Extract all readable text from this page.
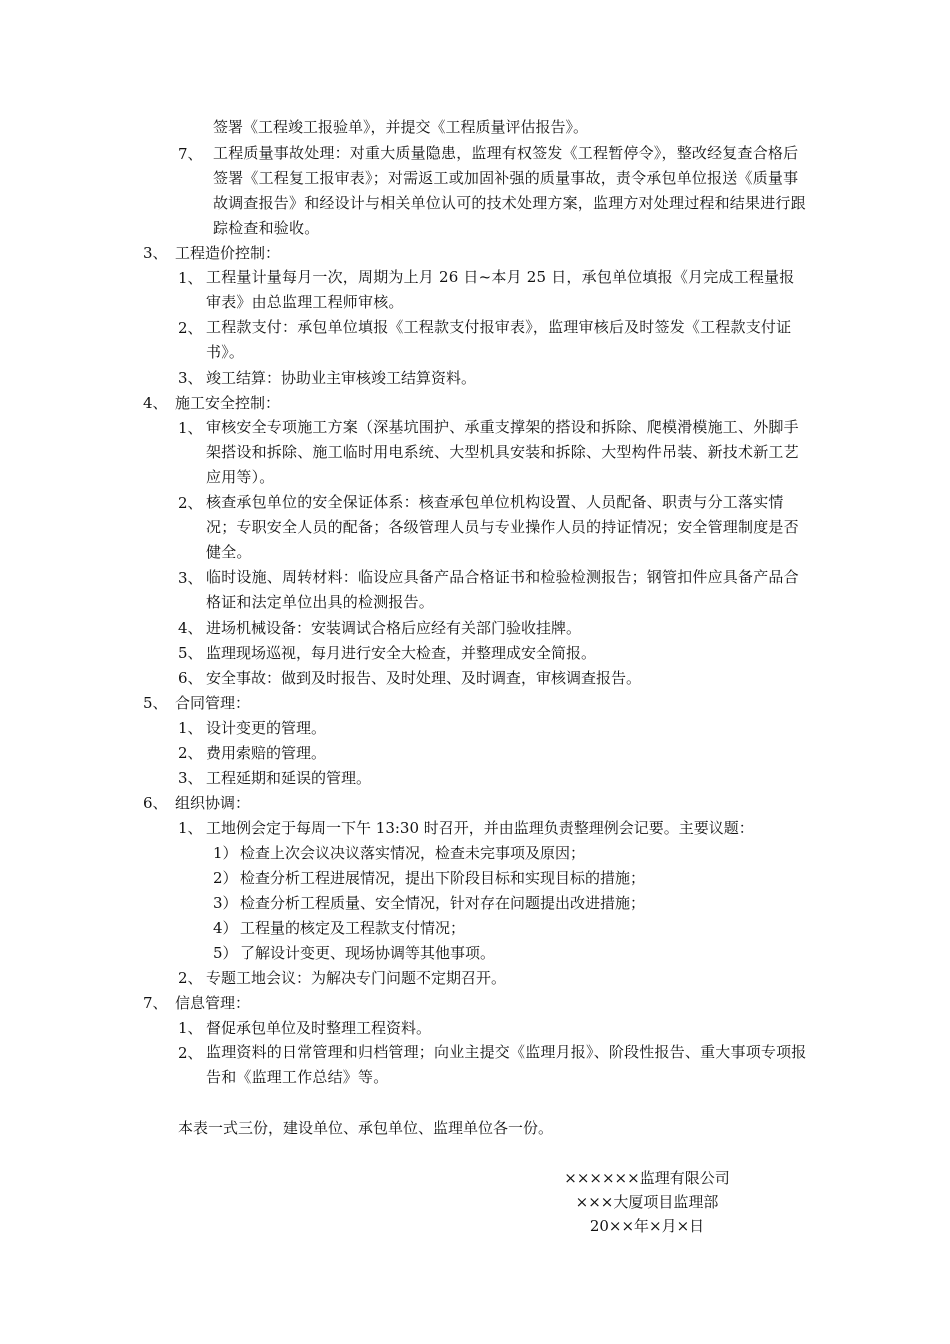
签署《工程竣工报验单》，并提交《工程质量评估报告》。
7、 工程质量事故处理：对重大质量隐患，监理有权签发《工程暂停令》，整改经复查合格后签署《工程复工报审表》；对需返工或加固补强的质量事故，责令承包单位报送《质量事故调查报告》和经设计与相关单位认可的技术处理方案，监理方对处理过程和结果进行跟踪检查和验收。
3、 工程造价控制：
1、 工程量计量每月一次，周期为上月 26 日~本月 25 日，承包单位填报《月完成工程量报审表》由总监理工程师审核。
2、 工程款支付：承包单位填报《工程款支付报审表》，监理审核后及时签发《工程款支付证书》。
3、 竣工结算：协助业主审核竣工结算资料。
4、 施工安全控制：
1、 审核安全专项施工方案（深基坑围护、承重支撑架的搭设和拆除、爬模滑模施工、外脚手架搭设和拆除、施工临时用电系统、大型机具安装和拆除、大型构件吊装、新技术新工艺应用等）。
2、 核查承包单位的安全保证体系：核查承包单位机构设置、人员配备、职责与分工落实情况；专职安全人员的配备；各级管理人员与专业操作人员的持证情况；安全管理制度是否健全。
3、 临时设施、周转材料：临设应具备产品合格证书和检验检测报告；钢管扣件应具备产品合格证和法定单位出具的检测报告。
4、 进场机械设备：安装调试合格后应经有关部门验收挂牌。
5、 监理现场巡视，每月进行安全大检查，并整理成安全简报。
6、 安全事故：做到及时报告、及时处理、及时调查，审核调查报告。
5、 合同管理：
1、 设计变更的管理。
2、 费用索赔的管理。
3、 工程延期和延误的管理。
6、 组织协调：
1、 工地例会定于每周一下午 13:30 时召开，并由监理负责整理例会记要。主要议题：
1） 检查上次会议决议落实情况，检查未完事项及原因；
2） 检查分析工程进展情况，提出下阶段目标和实现目标的措施；
3） 检查分析工程质量、安全情况，针对存在问题提出改进措施；
4） 工程量的核定及工程款支付情况；
5） 了解设计变更、现场协调等其他事项。
2、 专题工地会议：为解决专门问题不定期召开。
7、 信息管理：
1、 督促承包单位及时整理工程资料。
2、 监理资料的日常管理和归档管理；向业主提交《监理月报》、阶段性报告、重大事项专项报告和《监理工作总结》等。
本表一式三份，建设单位、承包单位、监理单位各一份。
××××××监理有限公司
×××大厦项目监理部
20××年×月×日
